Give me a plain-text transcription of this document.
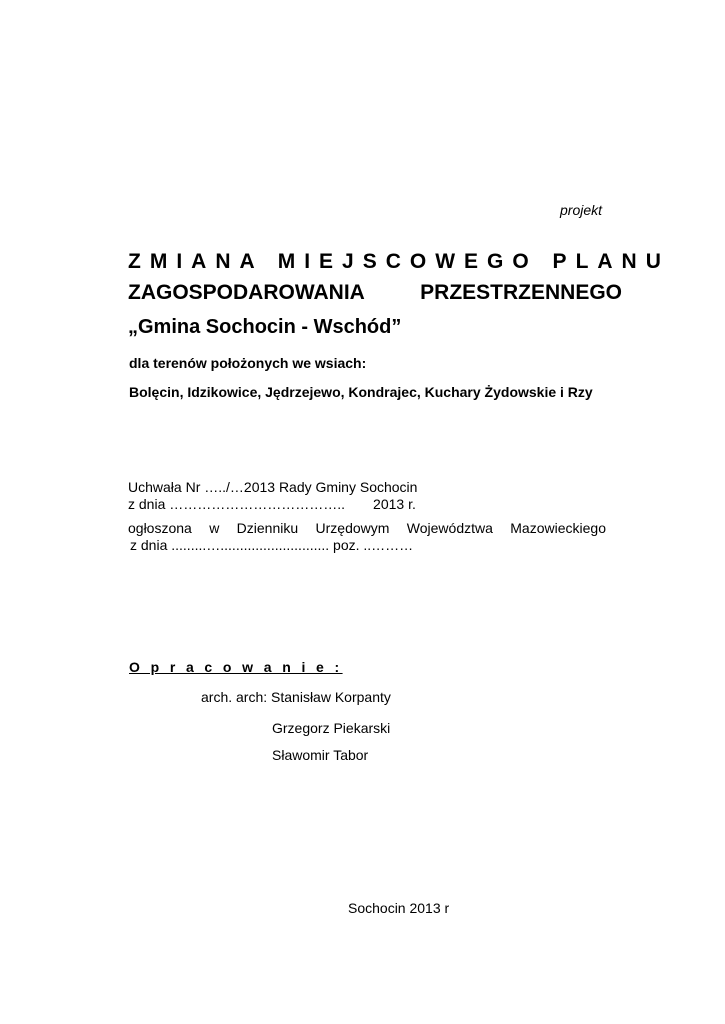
projekt
ZMIANA MIEJSCOWEGO PLANU
ZAGOSPODAROWANIA	PRZESTRZENNEGO
„Gmina Sochocin - Wschód”
dla terenów położonych we wsiach:
Bolęcin, Idzikowice, Jędrzejewo, Kondrajec, Kuchary Żydowskie i Rzy
Uchwała Nr …../…2013 Rady Gminy Sochocin
z dnia ……………………………….. 2013 r.
ogłoszona w Dzienniku Urzędowym Województwa Mazowieckiego
z dnia .........…............................ poz. ..………
O p r a c o w a n i e :
arch. arch: Stanisław Korpanty
Grzegorz Piekarski
Sławomir Tabor
Sochocin 2013 r
